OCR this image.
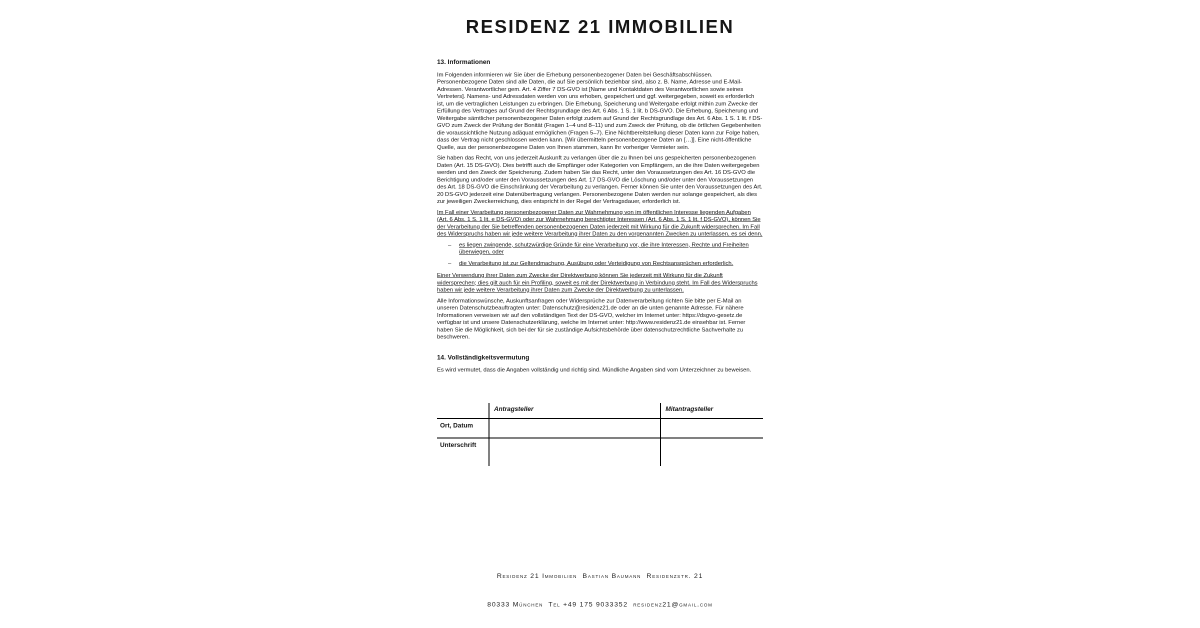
RESIDENZ 21 IMMOBILIEN
13. Informationen

Im Folgenden informieren wir Sie über die Erhebung personenbezogener Daten bei Geschäftsabschlüssen. Personenbezogene Daten sind alle Daten, die auf Sie persönlich beziehbar sind, also z. B. Name, Adresse und E-Mail-Adressen. Verantwortlicher gem. Art. 4 Ziffer 7 DS-GVO ist [Name und Kontaktdaten des Verantwortlichen sowie seines Vertreters]. Namens- und Adressdaten werden von uns erhoben, gespeichert und ggf. weitergegeben, soweit es erforderlich ist, um die vertraglichen Leistungen zu erbringen. Die Erhebung, Speicherung und Weitergabe erfolgt mithin zum Zwecke der Erfüllung des Vertrages auf Grund der Rechtsgrundlage des Art. 6 Abs. 1 S. 1 lit. b DS-GVO. Die Erhebung, Speicherung und Weitergabe sämtlicher personenbezogener Daten erfolgt zudem auf Grund der Rechtsgrundlage des Art. 6 Abs. 1 S. 1 lit. f DS-GVO zum Zweck der Prüfung der Bonität (Fragen 1–4 und 8–11) und zum Zweck der Prüfung, ob die örtlichen Gegebenheiten die voraussichtliche Nutzung adäquat ermöglichen (Fragen 5–7). Eine Nichtbereitstellung dieser Daten kann zur Folge haben, dass der Vertrag nicht geschlossen werden kann. [Wir übermitteln personenbezogene Daten an […]]. Eine nicht-öffentliche Quelle, aus der personenbezogene Daten von Ihnen stammen, kann Ihr vorheriger Vermieter sein.

Sie haben das Recht, von uns jederzeit Auskunft zu verlangen über die zu Ihnen bei uns gespeicherten personenbezogenen Daten (Art. 15 DS-GVO). Dies betrifft auch die Empfänger oder Kategorien von Empfängern, an die ihre Daten weitergegeben werden und den Zweck der Speicherung. Zudem haben Sie das Recht, unter den Voraussetzungen des Art. 16 DS-GVO die Berichtigung und/oder unter den Voraussetzungen des Art. 17 DS-GVO die Löschung und/oder unter den Voraussetzungen des Art. 18 DS-GVO die Einschränkung der Verarbeitung zu verlangen. Ferner können Sie unter den Voraussetzungen des Art. 20 DS-GVO jederzeit eine Datenübertragung verlangen. Personenbezogene Daten werden nur solange gespeichert, als dies zur jeweiligen Zweckerreichung, dies entspricht in der Regel der Vertragsdauer, erforderlich ist.

Im Fall einer Verarbeitung personenbezogener Daten zur Wahrnehmung von im öffentlichen Interesse liegenden Aufgaben (Art. 6 Abs. 1 S. 1 lit. e DS-GVO) oder zur Wahrnehmung berechtigter Interessen (Art. 6 Abs. 1 S. 1 lit. f DS-GVO), können Sie der Verarbeitung der Sie betreffenden personenbezogenen Daten jederzeit mit Wirkung für die Zukunft widersprechen. Im Fall des Widerspruchs haben wir jede weitere Verarbeitung ihrer Daten zu den vorgenannten Zwecken zu unterlassen, es sei denn,

– es liegen zwingende, schutzwürdige Gründe für eine Verarbeitung vor, die ihre Interessen, Rechte und Freiheiten überwiegen, oder
– die Verarbeitung ist zur Geltendmachung, Ausübung oder Verteidigung von Rechtsansprüchen erforderlich.

Einer Verwendung ihrer Daten zum Zwecke der Direktwerbung können Sie jederzeit mit Wirkung für die Zukunft widersprechen; dies gilt auch für ein Profiling, soweit es mit der Direktwerbung in Verbindung steht. Im Fall des Widerspruchs haben wir jede weitere Verarbeitung ihrer Daten zum Zwecke der Direktwerbung zu unterlassen.

Alle Informationswünsche, Auskunftsanfragen oder Widersprüche zur Datenverarbeitung richten Sie bitte per E-Mail an unseren Datenschutzbeauftragten unter: Datenschutz@residenz21.de oder an die unten genannte Adresse. Für nähere Informationen verweisen wir auf den vollständigen Text der DS-GVO, welcher im Internet unter: https://dsgvo-gesetz.de verfügbar ist und unsere Datenschutzerklärung, welche im Internet unter: http://www.residenz21.de einsehbar ist. Ferner haben Sie die Möglichkeit, sich bei der für sie zuständige Aufsichtsbehörde über datenschutzrechtliche Sachverhalte zu beschweren.

14. Vollständigkeitsvermutung

Es wird vermutet, dass die Angaben vollständig und richtig sind. Mündliche Angaben sind vom Unterzeichner zu beweisen.

Antragsteller	Mitantragsteller
Ort, Datum
Unterschrift

Residenz 21 Immobilien  Bastian Baumann  Residenzstr. 21

80333 München  Tel +49 175 9033352  residenz21@gmail.com
